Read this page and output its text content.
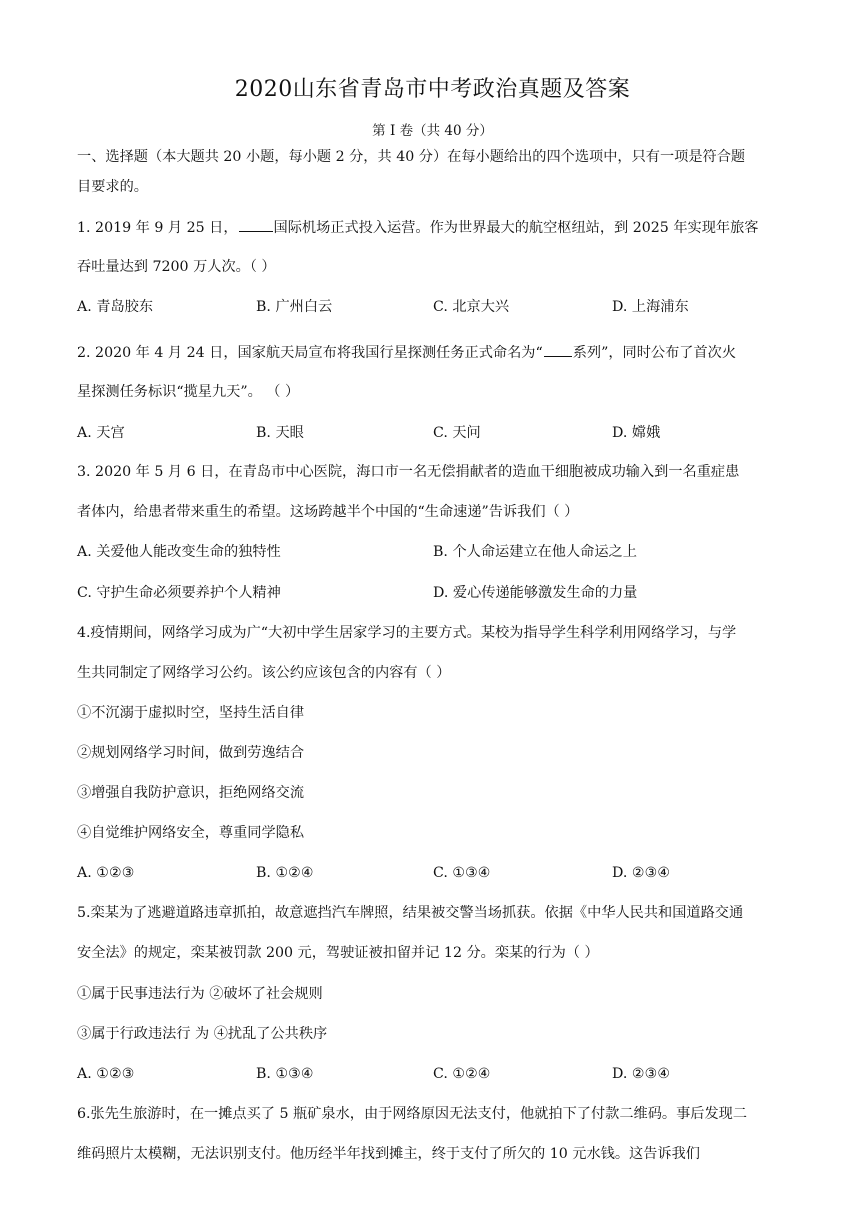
2020山东省青岛市中考政治真题及答案
第 I 卷（共 40 分）
一、选择题（本大题共 20 小题，每小题 2 分，共 40 分）在每小题给出的四个选项中，只有一项是符合题
目要求的。
1. 2019 年 9 月 25 日，	国际机场正式投入运营。作为世界最大的航空枢纽站，到 2025 年实现年旅客
吞吐量达到 7200 万人次。（ ）
A. 青岛胶东	B. 广州白云	C. 北京大兴	D. 上海浦东
2. 2020 年 4 月 24 日，国家航天局宣布将我国行星探测任务正式命名为“ 系列”，同时公布了首次火
星探测任务标识“揽星九天”。 （ ）
A. 天宫	B. 天眼	C. 天问	D. 嫦娥
3. 2020 年 5 月 6 日，在青岛市中心医院，海口市一名无偿捐献者的造血干细胞被成功输入到一名重症患
者体内，给患者带来重生的希望。这场跨越半个中国的“生命速递”告诉我们（ ）
A. 关爱他人能改变生命的独特性	B. 个人命运建立在他人命运之上
C. 守护生命必须要养护个人精神	D. 爱心传递能够激发生命的力量
4.疫情期间，网络学习成为广“大初中学生居家学习的主要方式。某校为指导学生科学利用网络学习，与学
生共同制定了网络学习公约。该公约应该包含的内容有（ ）
①不沉溺于虚拟时空，坚持生活自律
②规划网络学习时间，做到劳逸结合
③增强自我防护意识，拒绝网络交流
④自觉维护网络安全，尊重同学隐私
A. ①②③	B. ①②④	C. ①③④	D. ②③④
5.栾某为了逃避道路违章抓拍，故意遮挡汽车牌照，结果被交警当场抓获。依据《中华人民共和国道路交通
安全法》的规定，栾某被罚款 200 元，驾驶证被扣留并记 12 分。栾某的行为（ ）
①属于民事违法行为 ②破坏了社会规则
③属于行政违法行 为 ④扰乱了公共秩序
A. ①②③	B. ①③④	C. ①②④	D. ②③④
6.张先生旅游时，在一摊点买了 5 瓶矿泉水，由于网络原因无法支付，他就拍下了付款二维码。事后发现二
维码照片太模糊，无法识别支付。他历经半年找到摊主，终于支付了所欠的 10 元水钱。这告诉我们
